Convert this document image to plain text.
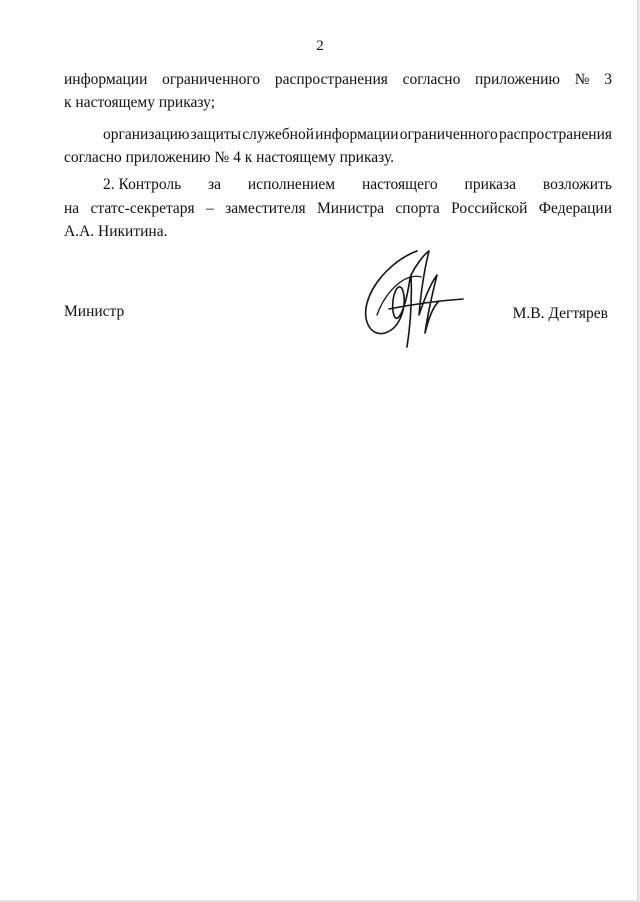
2
информации ограниченного распространения согласно приложению № 3
к настоящему приказу;
организацию защиты служебной информации ограниченного распространения
согласно приложению № 4 к настоящему приказу.
2. Контроль за исполнением настоящего приказа возложить
на статс-секретаря – заместителя Министра спорта Российской Федерации
А.А. Никитина.
Министр	М.В. Дегтярев
